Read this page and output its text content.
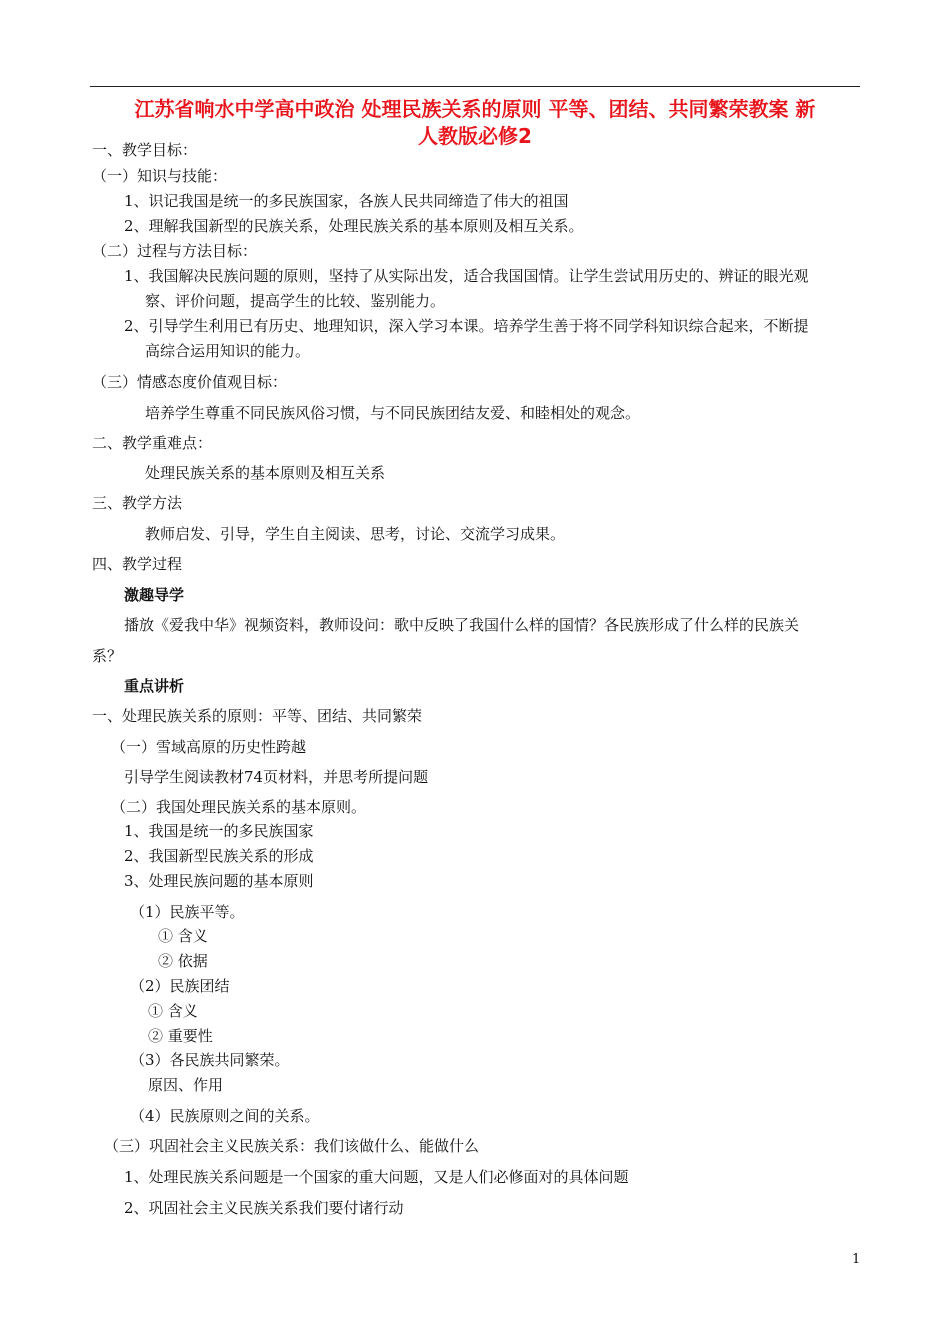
江苏省响水中学高中政治 处理民族关系的原则 平等、团结、共同繁荣教案 新
人教版必修2
一、教学目标：
（一）知识与技能：
1、识记我国是统一的多民族国家，各族人民共同缔造了伟大的祖国
2、理解我国新型的民族关系，处理民族关系的基本原则及相互关系。
（二）过程与方法目标：
1、我国解决民族问题的原则，坚持了从实际出发，适合我国国情。让学生尝试用历史的、辨证的眼光观
察、评价问题，提高学生的比较、鉴别能力。
2、引导学生利用已有历史、地理知识，深入学习本课。培养学生善于将不同学科知识综合起来，不断提
高综合运用知识的能力。
（三）情感态度价值观目标：
培养学生尊重不同民族风俗习惯，与不同民族团结友爱、和睦相处的观念。
二、教学重难点：
处理民族关系的基本原则及相互关系
三、教学方法
教师启发、引导，学生自主阅读、思考，讨论、交流学习成果。
四、教学过程
激趣导学
播放《爱我中华》视频资料，教师设问：歌中反映了我国什么样的国情？各民族形成了什么样的民族关
系？
重点讲析
一、处理民族关系的原则：平等、团结、共同繁荣
（一）雪域高原的历史性跨越
引导学生阅读教材74页材料，并思考所提问题
（二）我国处理民族关系的基本原则。
1、我国是统一的多民族国家
2、我国新型民族关系的形成
3、处理民族问题的基本原则
（1）民族平等。
① 含义
② 依据
（2）民族团结
① 含义
② 重要性
（3）各民族共同繁荣。
原因、作用
（4）民族原则之间的关系。
（三）巩固社会主义民族关系：我们该做什么、能做什么
1、处理民族关系问题是一个国家的重大问题，又是人们必修面对的具体问题
2、巩固社会主义民族关系我们要付诸行动
1
